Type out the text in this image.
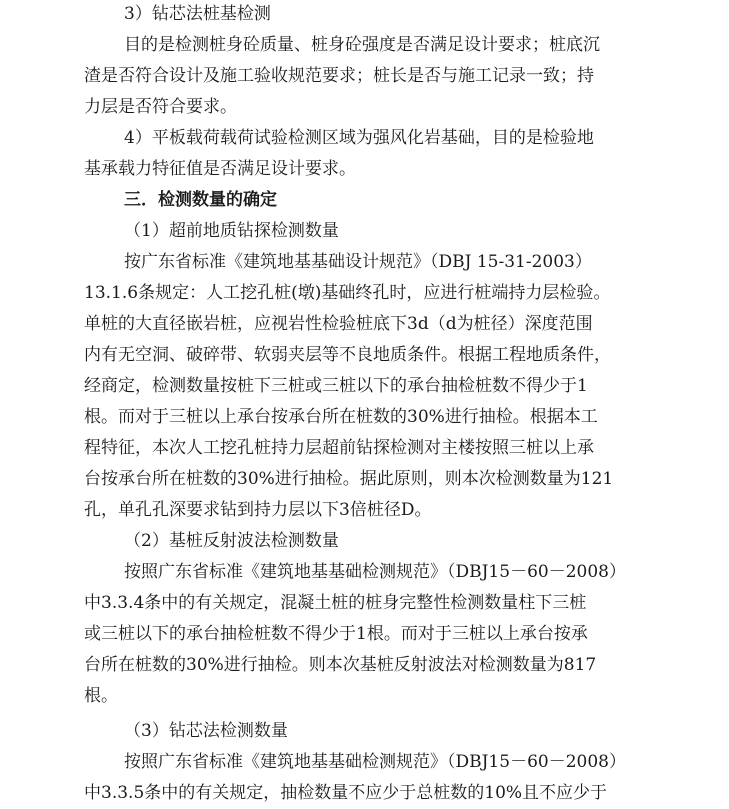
3）钻芯法桩基检测
目的是检测桩身砼质量、桩身砼强度是否满足设计要求；桩底沉
渣是否符合设计及施工验收规范要求；桩长是否与施工记录一致；持
力层是否符合要求。
4）平板载荷载荷试验检测区域为强风化岩基础，目的是检验地
基承载力特征值是否满足设计要求。
三．检测数量的确定
（1）超前地质钻探检测数量
按广东省标准《建筑地基基础设计规范》（DBJ 15-31-2003）
13.1.6条规定：人工挖孔桩(墩)基础终孔时，应进行桩端持力层检验。
单桩的大直径嵌岩桩，应视岩性检验桩底下3d（d为桩径）深度范围
内有无空洞、破碎带、软弱夹层等不良地质条件。根据工程地质条件，
经商定，检测数量按桩下三桩或三桩以下的承台抽检桩数不得少于1
根。而对于三桩以上承台按承台所在桩数的30%进行抽检。根据本工
程特征，本次人工挖孔桩持力层超前钻探检测对主楼按照三桩以上承
台按承台所在桩数的30%进行抽检。据此原则，则本次检测数量为121
孔，单孔孔深要求钻到持力层以下3倍桩径D。
（2）基桩反射波法检测数量
按照广东省标准《建筑地基基础检测规范》（DBJ15－60－2008）
中3.3.4条中的有关规定，混凝土桩的桩身完整性检测数量柱下三桩
或三桩以下的承台抽检桩数不得少于1根。而对于三桩以上承台按承
台所在桩数的30%进行抽检。则本次基桩反射波法对检测数量为817
根。
（3）钻芯法检测数量
按照广东省标准《建筑地基基础检测规范》（DBJ15－60－2008）
中3.3.5条中的有关规定，抽检数量不应少于总桩数的10%且不应少于
